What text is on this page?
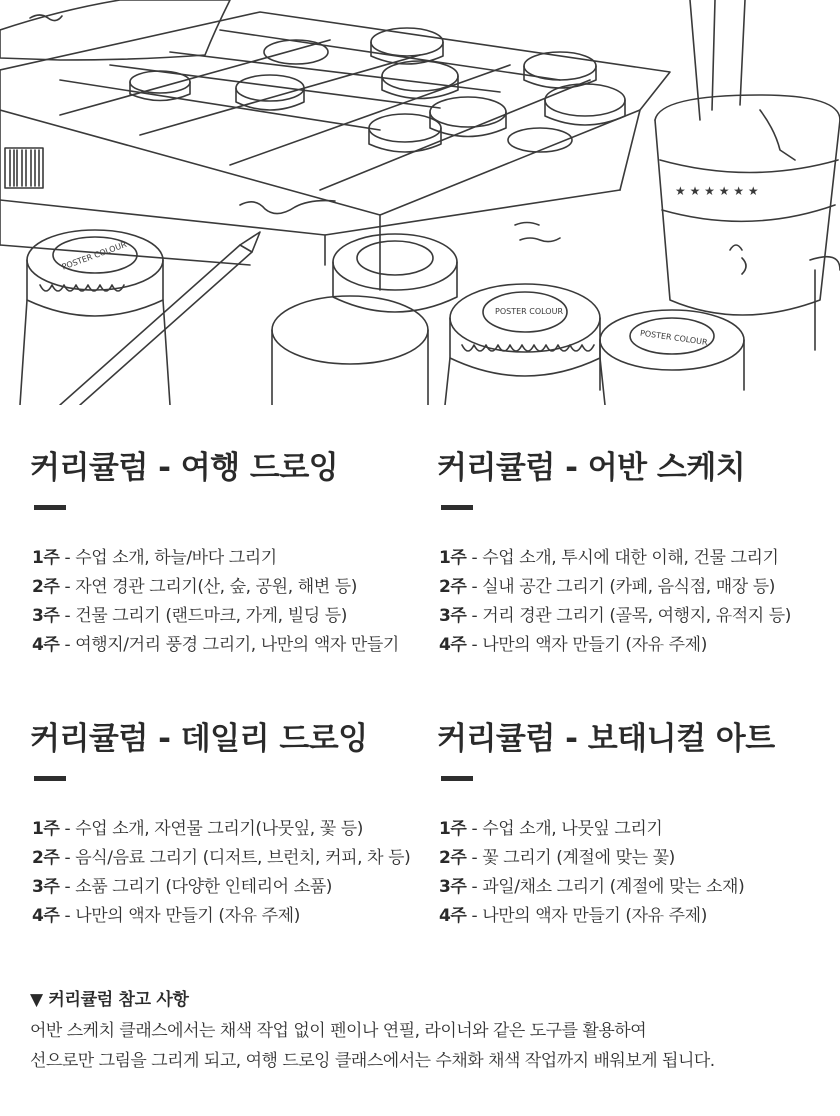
★ ★ ★ ★ ★ ★
POSTER COLOUR
POSTER COLOUR
POSTER COLOUR
커리큘럼 - 여행 드로잉
1주 - 수업 소개, 하늘/바다 그리기
2주 - 자연 경관 그리기(산, 숲, 공원, 해변 등)
3주 - 건물 그리기 (랜드마크, 가게, 빌딩 등)
4주 - 여행지/거리 풍경 그리기, 나만의 액자 만들기
커리큘럼 - 어반 스케치
1주 - 수업 소개, 투시에 대한 이해, 건물 그리기
2주 - 실내 공간 그리기 (카페, 음식점, 매장 등)
3주 - 거리 경관 그리기 (골목, 여행지, 유적지 등)
4주 - 나만의 액자 만들기 (자유 주제)
커리큘럼 - 데일리 드로잉
1주 - 수업 소개, 자연물 그리기(나뭇잎, 꽃 등)
2주 - 음식/음료 그리기 (디저트, 브런치, 커피, 차 등)
3주 - 소품 그리기 (다양한 인테리어 소품)
4주 - 나만의 액자 만들기 (자유 주제)
커리큘럼 - 보태니컬 아트
1주 - 수업 소개, 나뭇잎 그리기
2주 - 꽃 그리기 (계절에 맞는 꽃)
3주 - 과일/채소 그리기 (계절에 맞는 소재)
4주 - 나만의 액자 만들기 (자유 주제)
▼ 커리큘럼 참고 사항
어반 스케치 클래스에서는 채색 작업 없이 펜이나 연필, 라이너와 같은 도구를 활용하여
선으로만 그림을 그리게 되고, 여행 드로잉 클래스에서는 수채화 채색 작업까지 배워보게 됩니다.
